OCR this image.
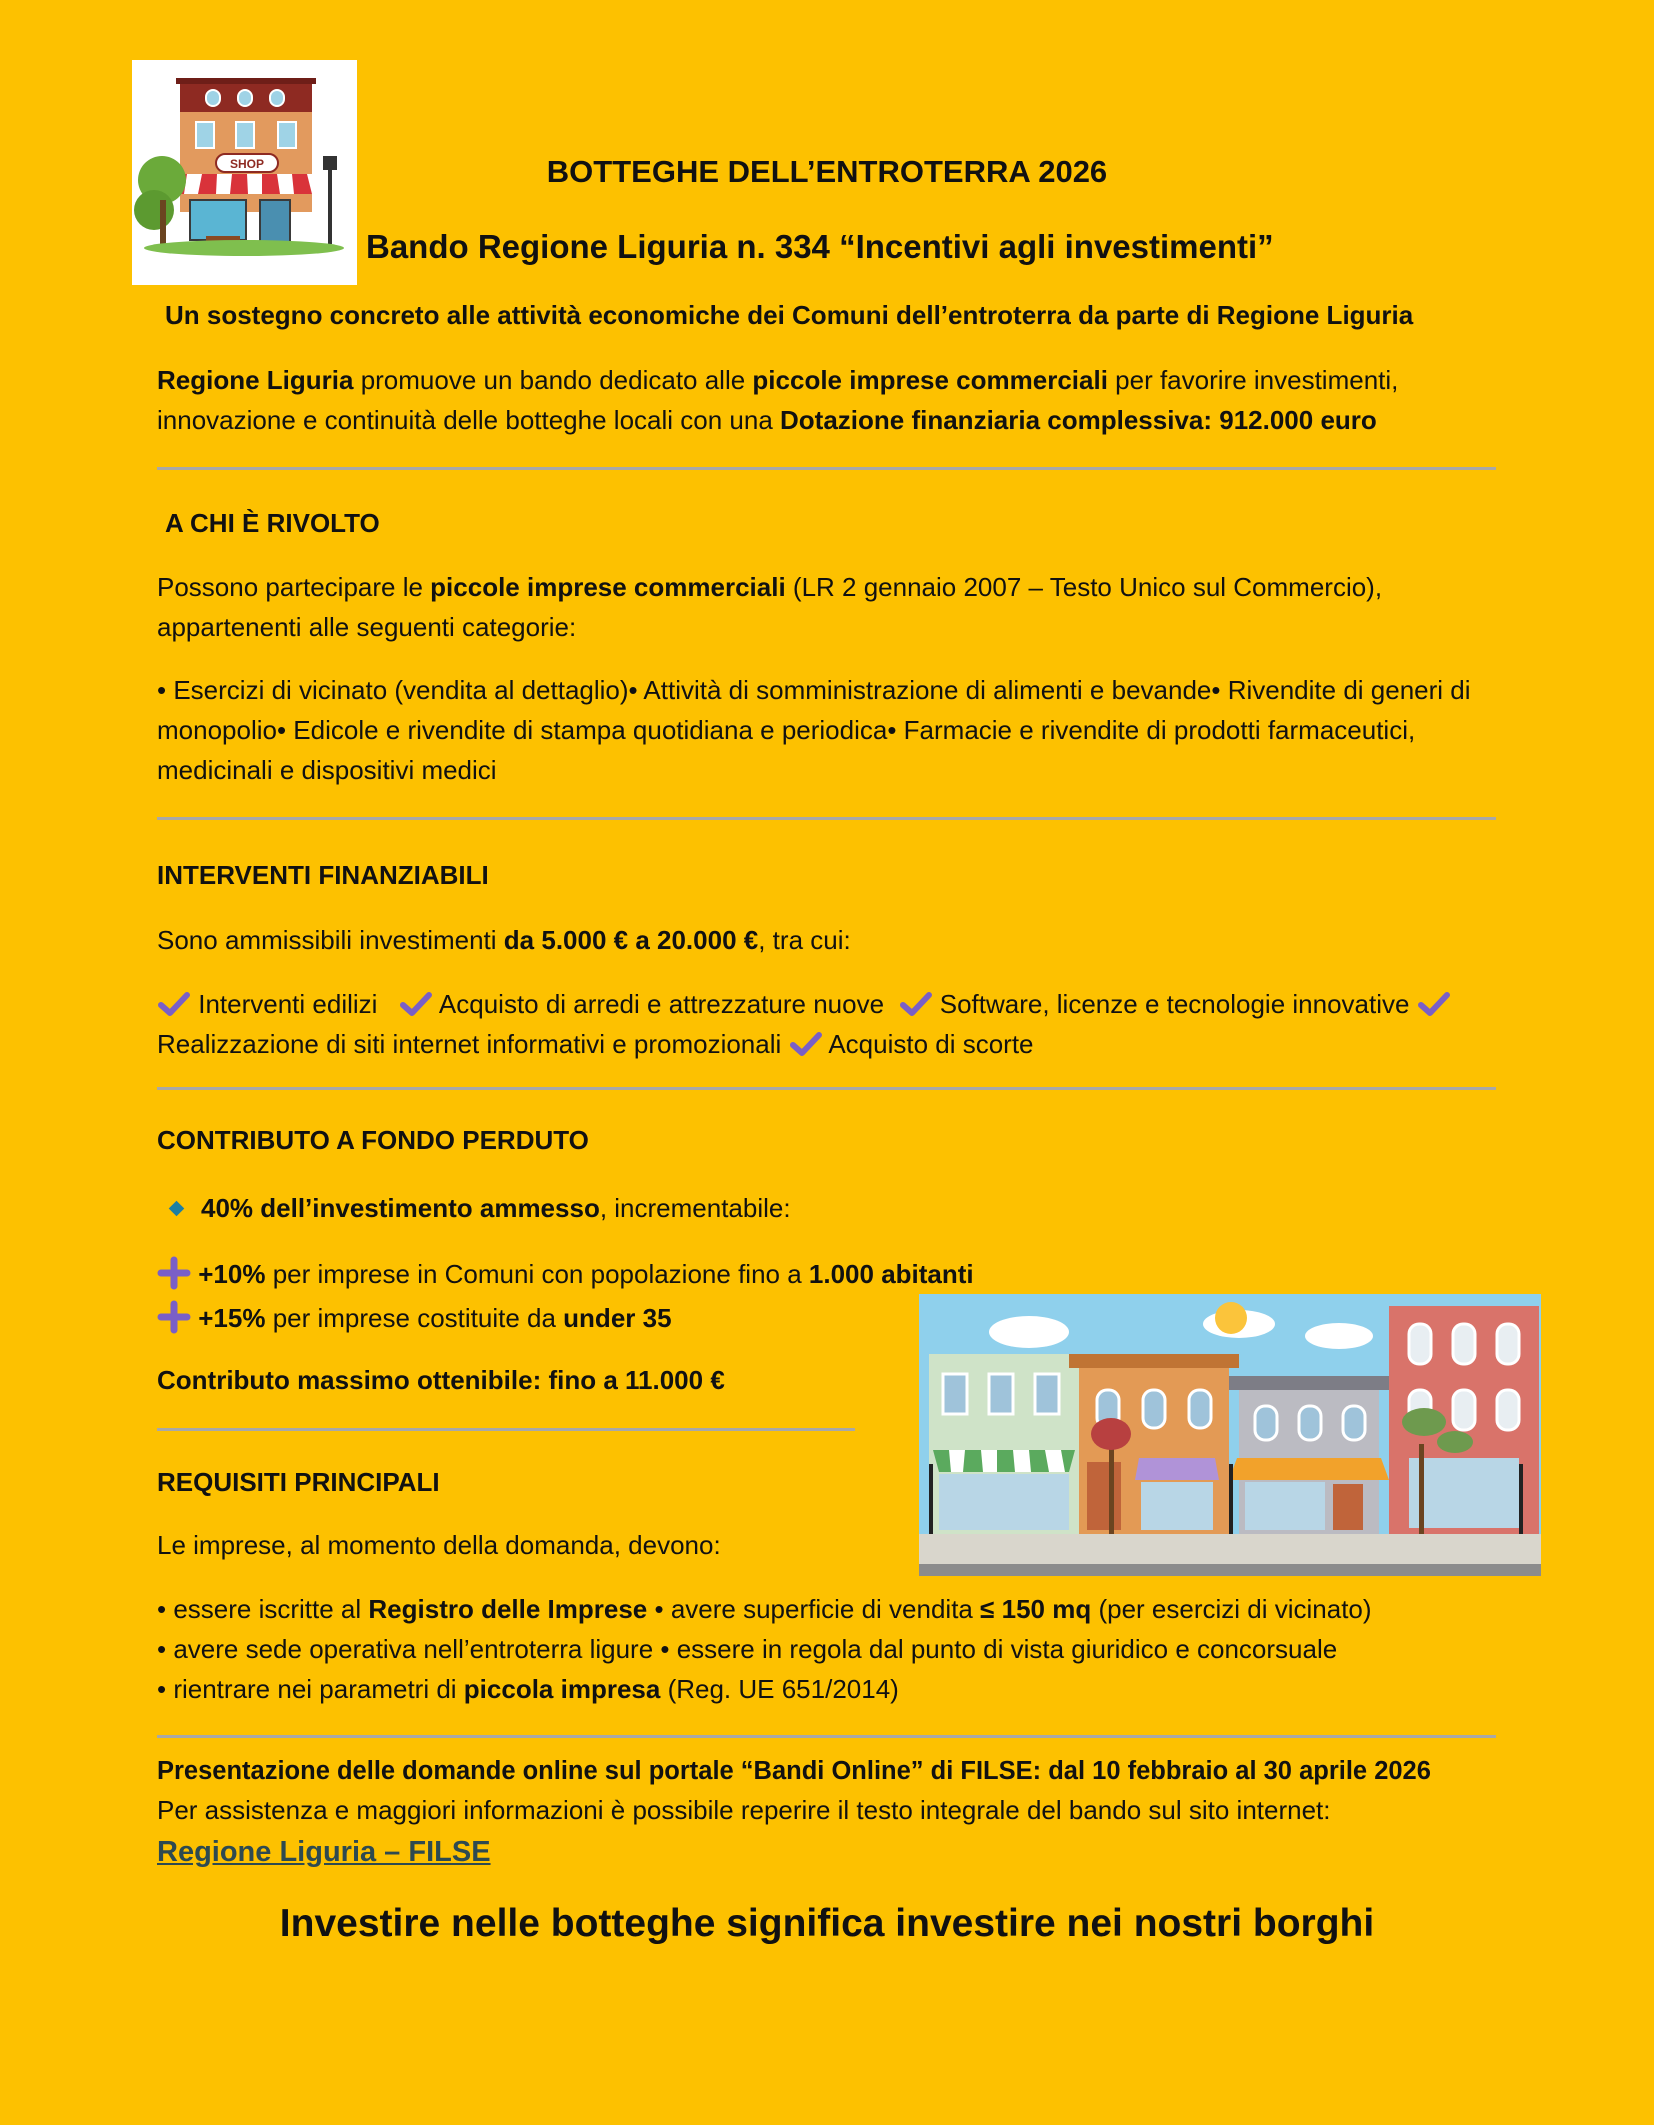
SHOP	BOTTEGHE DELL’ENTROTERRA 2026
Bando Regione Liguria n. 334 “Incentivi agli investimenti”
Un sostegno concreto alle attività economiche dei Comuni dell’entroterra da parte di Regione Liguria
Regione Liguria promuove un bando dedicato alle piccole imprese commerciali per favorire investimenti, innovazione e continuità delle botteghe locali con una Dotazione finanziaria complessiva: 912.000 euro
A CHI È RIVOLTO
Possono partecipare le piccole imprese commerciali (LR 2 gennaio 2007 – Testo Unico sul Commercio), appartenenti alle seguenti categorie:
• Esercizi di vicinato (vendita al dettaglio)• Attività di somministrazione di alimenti e bevande• Rivendite di generi di monopolio• Edicole e rivendite di stampa quotidiana e periodica• Farmacie e rivendite di prodotti farmaceutici, medicinali e dispositivi medici
INTERVENTI FINANZIABILI
Sono ammissibili investimenti da 5.000 € a 20.000 €, tra cui:
Interventi edilizi Acquisto di arredi e attrezzature nuove Software, licenze e tecnologie innovative  Realizzazione di siti internet informativi e promozionali Acquisto di scorte
CONTRIBUTO A FONDO PERDUTO
40% dell’investimento ammesso, incrementabile:
+10% per imprese in Comuni con popolazione fino a 1.000 abitanti
+15% per imprese costituite da under 35
Contributo massimo ottenibile: fino a 11.000 €
REQUISITI PRINCIPALI
Le imprese, al momento della domanda, devono:
• essere iscritte al Registro delle Imprese • avere superficie di vendita ≤ 150 mq (per esercizi di vicinato)
• avere sede operativa nell’entroterra ligure • essere in regola dal punto di vista giuridico e concorsuale
• rientrare nei parametri di piccola impresa (Reg. UE 651/2014)
Presentazione delle domande online sul portale “Bandi Online” di FILSE: dal 10 febbraio al 30 aprile 2026
Per assistenza e maggiori informazioni è possibile reperire il testo integrale del bando sul sito internet:
Regione Liguria – FILSE
Investire nelle botteghe significa investire nei nostri borghi
